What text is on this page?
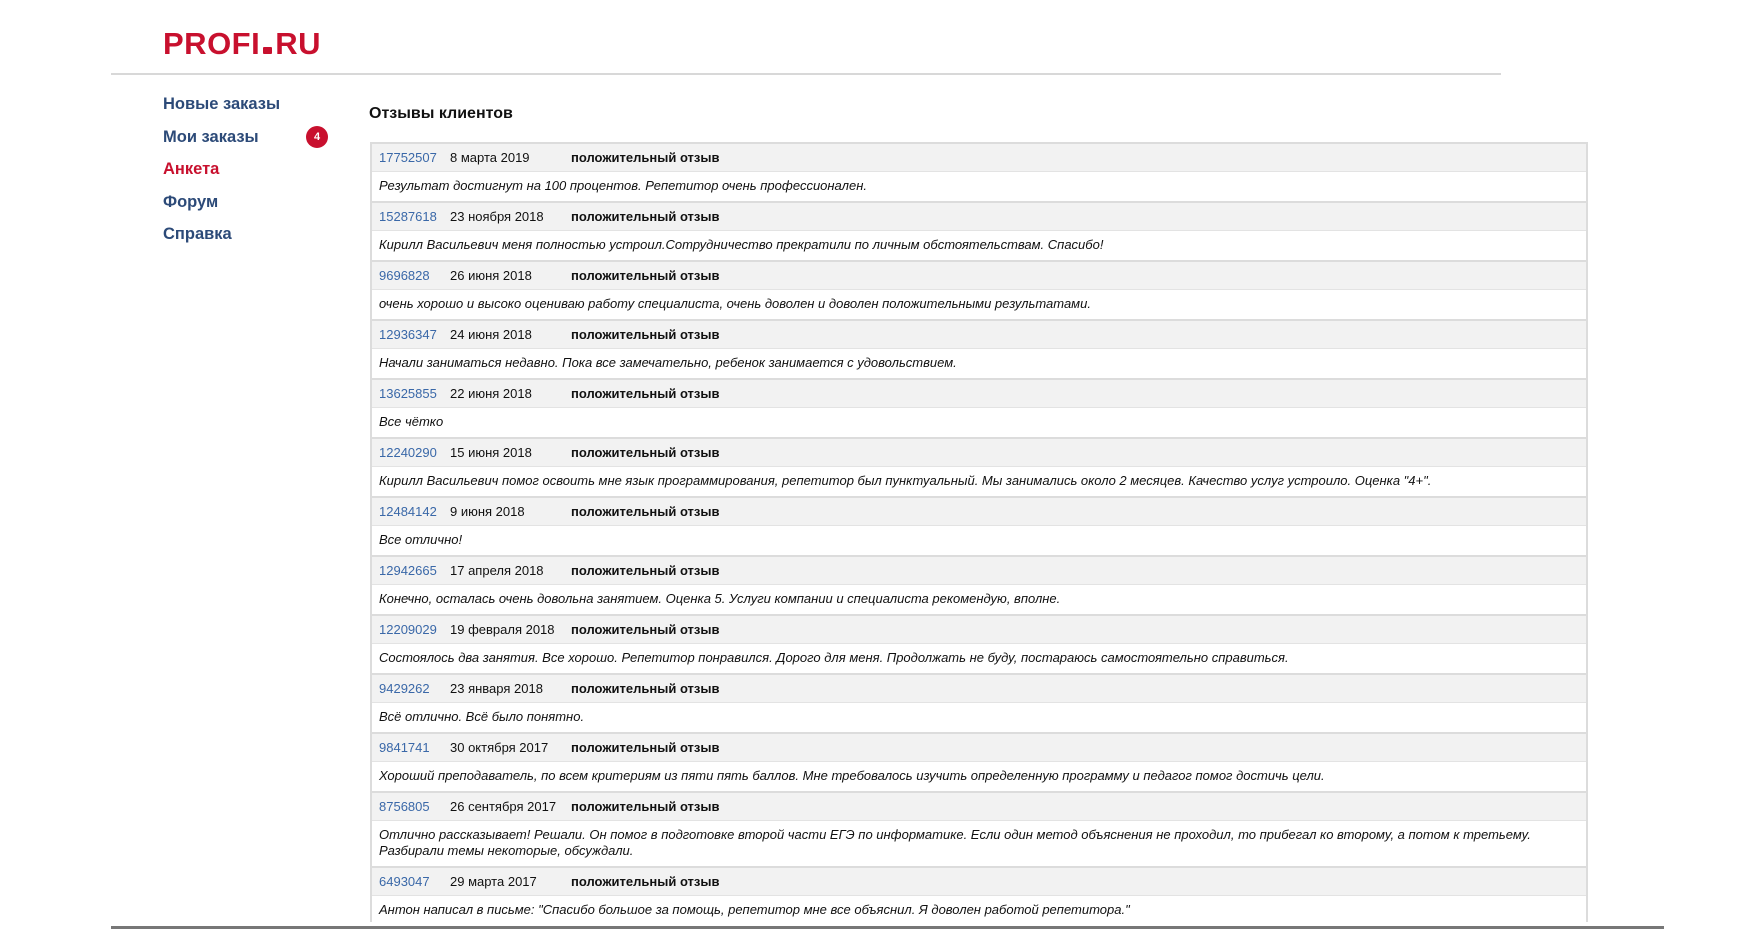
PROFI RU
Новые заказы
Мои заказы	4
Анкета
Форум
Справка
Отзывы клиентов
17752507 8 марта 2019	положительный отзыв
Результат достигнут на 100 процентов. Репетитор очень профессионален.
15287618 23 ноября 2018 положительный отзыв
Кирилл Васильевич меня полностью устроил.Сотрудничество прекратили по личным обстоятельствам. Спасибо!
9696828 26 июня 2018	положительный отзыв
очень хорошо и высоко оцениваю работу специалиста, очень доволен и доволен положительными результатами.
12936347 24 июня 2018	положительный отзыв
Начали заниматься недавно. Пока все замечательно, ребенок занимается с удовольствием.
13625855 22 июня 2018	положительный отзыв
Все чётко
12240290 15 июня 2018	положительный отзыв
Кирилл Васильевич помог освоить мне язык программирования, репетитор был пунктуальный. Мы занимались около 2 месяцев. Качество услуг устроило. Оценка "4+".
12484142 9 июня 2018	положительный отзыв
Все отлично!
12942665 17 апреля 2018 положительный отзыв
Конечно, осталась очень довольна занятием. Оценка 5. Услуги компании и специалиста рекомендую, вполне.
12209029 19 февраля 2018 положительный отзыв
Состоялось два занятия. Все хорошо. Репетитор понравился. Дорого для меня. Продолжать не буду, постараюсь самостоятельно справиться.
9429262 23 января 2018 положительный отзыв
Всё отлично. Всё было понятно.
9841741 30 октября 2017 положительный отзыв
Хороший преподаватель, по всем критериям из пяти пять баллов. Мне требовалось изучить определенную программу и педагог помог достичь цели.
8756805 26 сентября 2017 положительный отзыв
Отлично рассказывает! Решали. Он помог в подготовке второй части ЕГЭ по информатике. Если один метод объяснения не проходил, то прибегал ко второму, а потом к третьему. Разбирали темы некоторые, обсуждали.
6493047 29 марта 2017	положительный отзыв
Антон написал в письме: "Спасибо большое за помощь, репетитор мне все объяснил. Я доволен работой репетитора."
